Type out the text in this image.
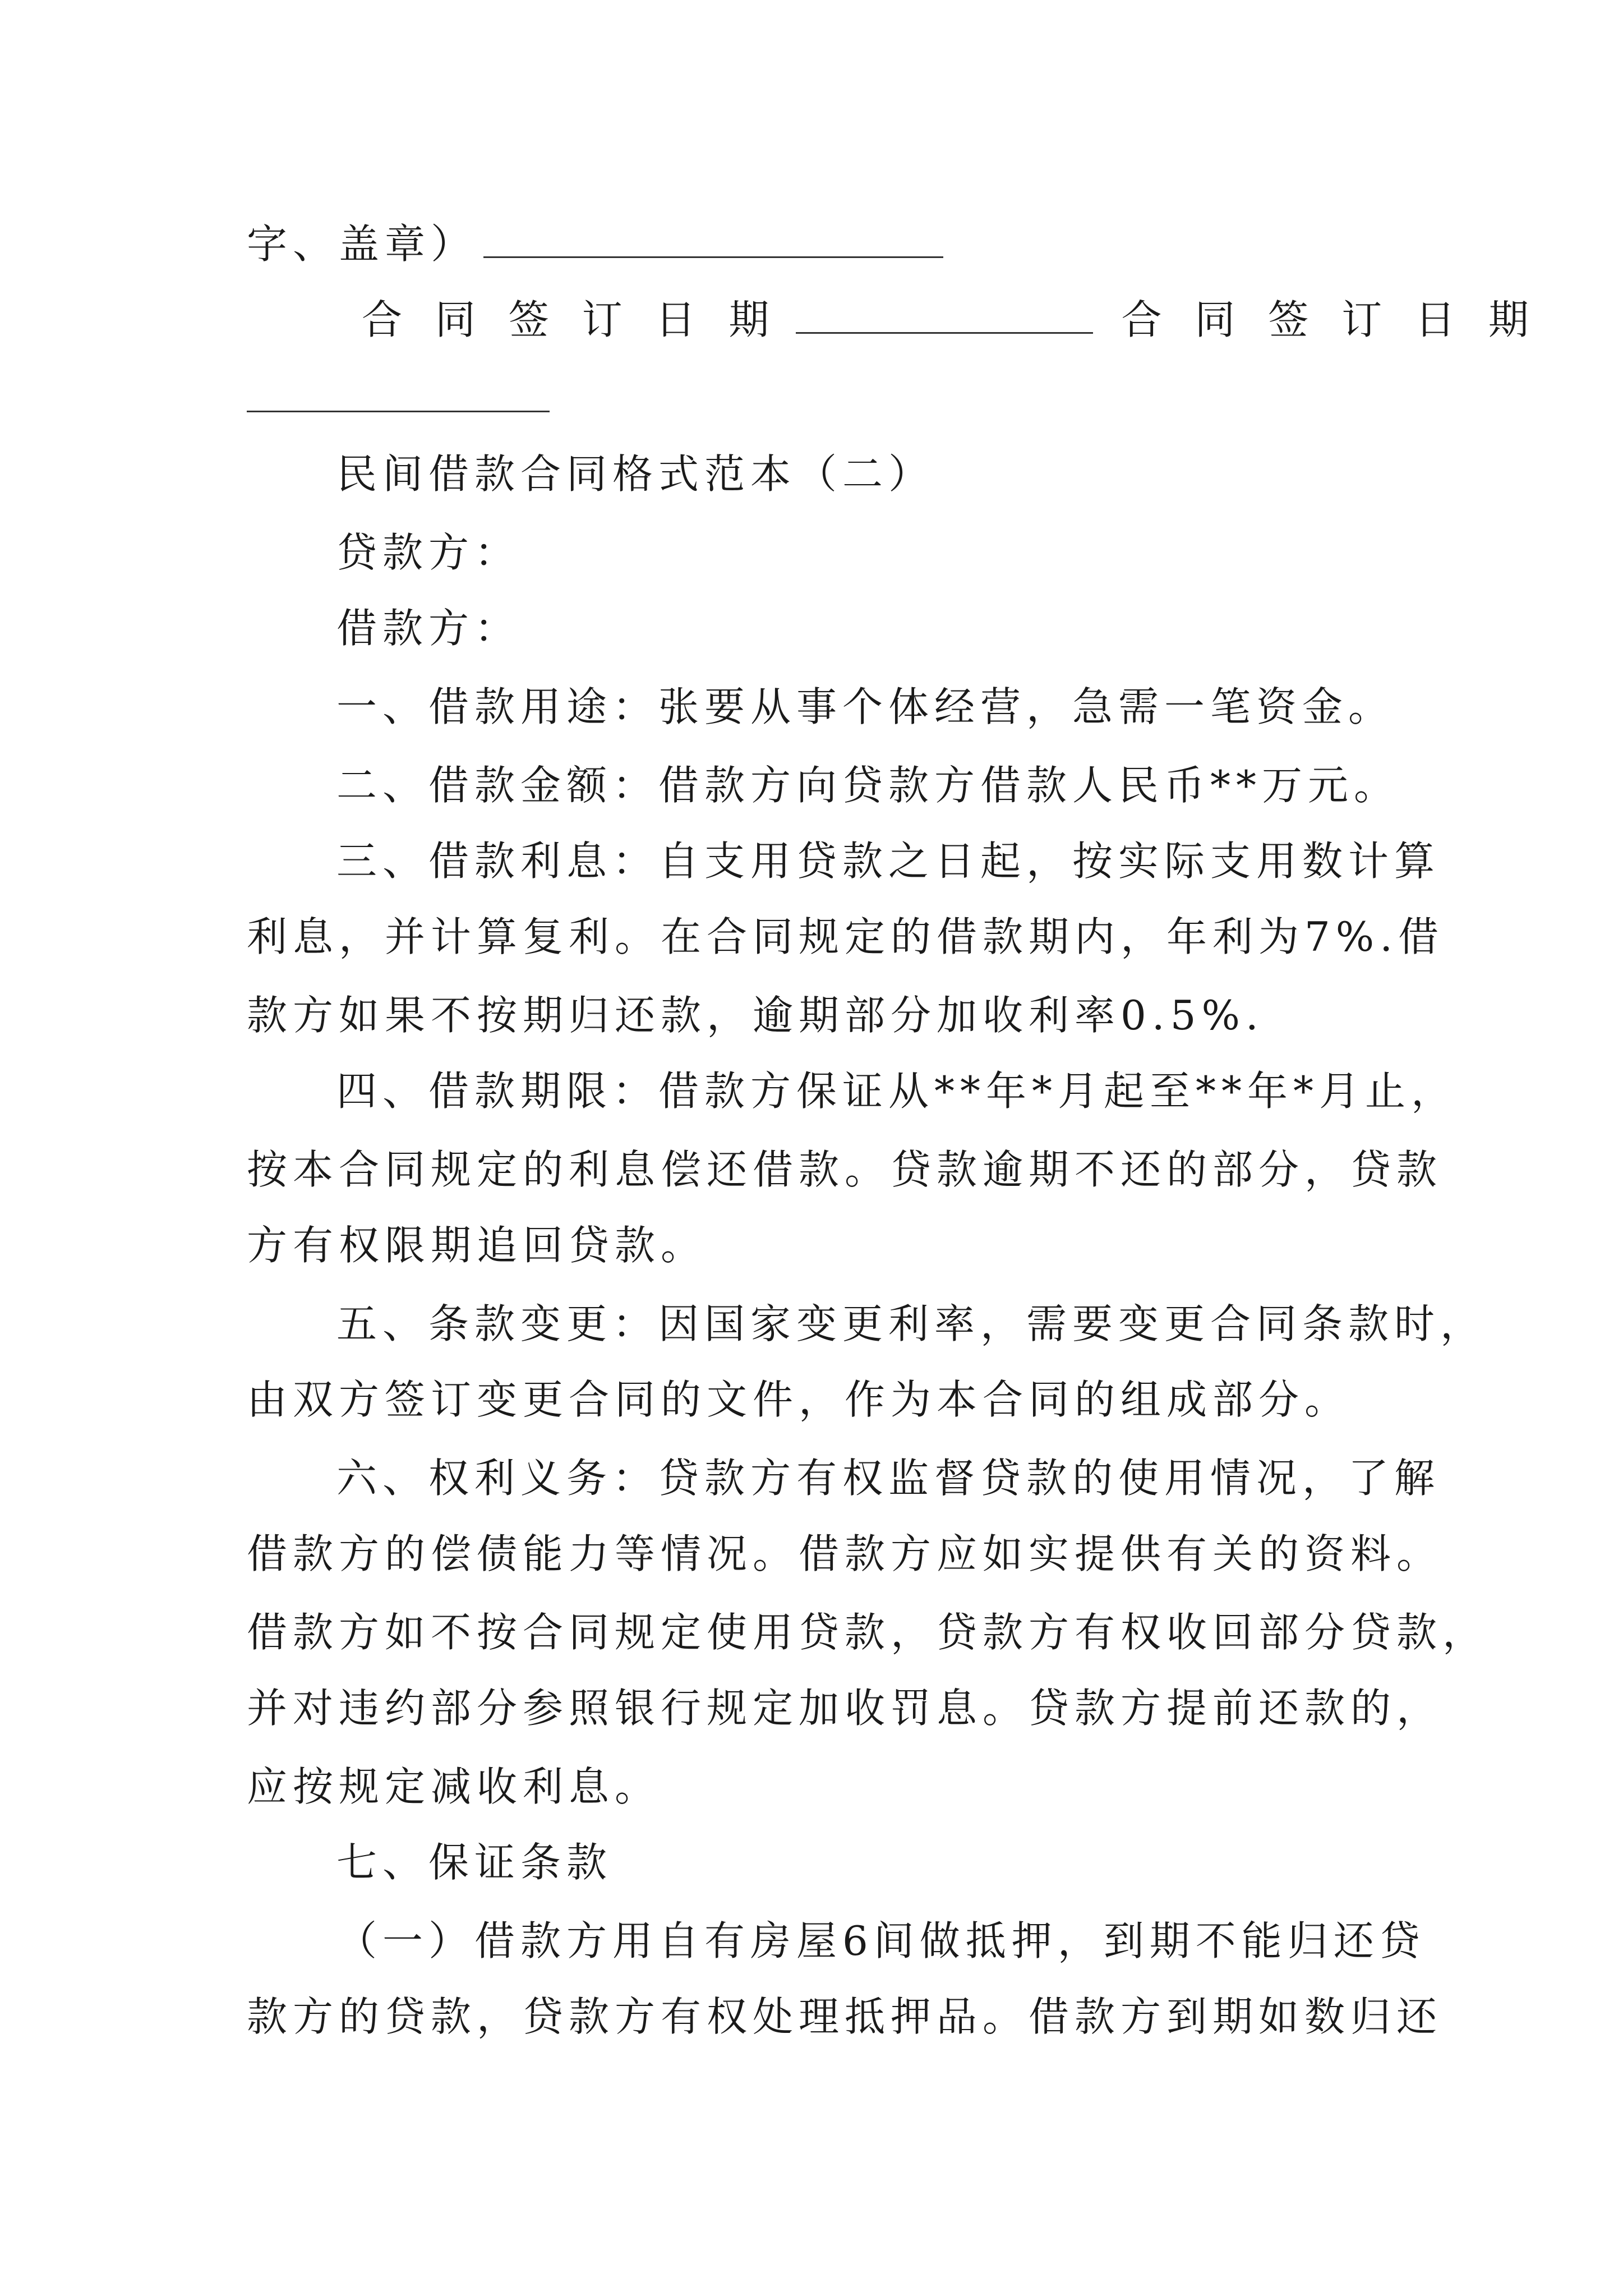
字、盖章）
合 同 签 订 日 期	合 同 签 订 日 期
民间借款合同格式范本（二）
贷款方：
借款方：
一、借款用途：张要从事个体经营，急需一笔资金。
二、借款金额：借款方向贷款方借款人民币**万元。
三、借款利息：自支用贷款之日起，按实际支用数计算
利息，并计算复利。在合同规定的借款期内，年利为7%.借
款方如果不按期归还款，逾期部分加收利率0.5%.
四、借款期限：借款方保证从**年*月起至**年*月止，
按本合同规定的利息偿还借款。贷款逾期不还的部分，贷款
方有权限期追回贷款。
五、条款变更：因国家变更利率，需要变更合同条款时，
由双方签订变更合同的文件，作为本合同的组成部分。
六、权利义务：贷款方有权监督贷款的使用情况，了解
借款方的偿债能力等情况。借款方应如实提供有关的资料。
借款方如不按合同规定使用贷款，贷款方有权收回部分贷款，
并对违约部分参照银行规定加收罚息。贷款方提前还款的，
应按规定减收利息。
七、保证条款
（一）借款方用自有房屋6间做抵押，到期不能归还贷
款方的贷款，贷款方有权处理抵押品。借款方到期如数归还
